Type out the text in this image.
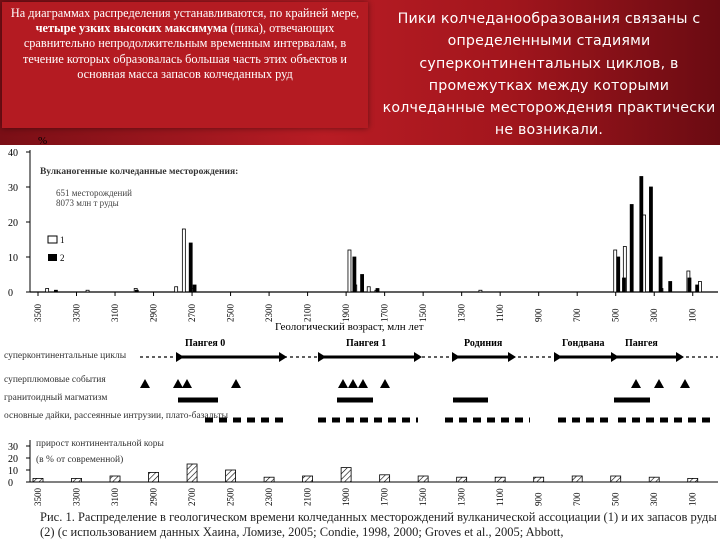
На диаграммах распределения устанавливаются, по крайней мере, четыре узких высоких максимума (пика), отвечающих сравнительно непродолжительным временным интервалам, в течение которых образовалась большая часть этих объектов и основная масса запасов колчеданных руд

Пики колчеданообразования связаны с определенными стадиями суперконтинентальных циклов, в промежутках между которыми колчеданные месторождения практически не возникали.
%
0
10
20
30
40
3500	3300	3100	2900	2700	2500	2300	2100	1900	1700	1500	1300	1100	900	700	500	300	100
Вулканогенные колчеданные месторождения:
651 месторождений
8073 млн т руды
1
2
Геологический возраст, млн лет
Пангея 0	Пангея 1	Родиния	Гондвана Пангея
суперконтинентальные циклы
суперплюмовые события
гранитоидный магматизм
основные дайки, рассеянные интрузии, плато-базальты
прирост континентальной коры
(в % от современной)
0
10
20
30
3500	3300	3100	2900	2700	2500	2300	2100	1900	1700	1500	1300	1100	900	700	500	300	100
Рис. 1. Распределение в геологическом времени колчеданных месторождений вулканической ассоциации (1) и их запасов руды (2) (с использованием данных Хаина, Ломизе, 2005; Condie, 1998, 2000; Groves et al., 2005; Abbott,
